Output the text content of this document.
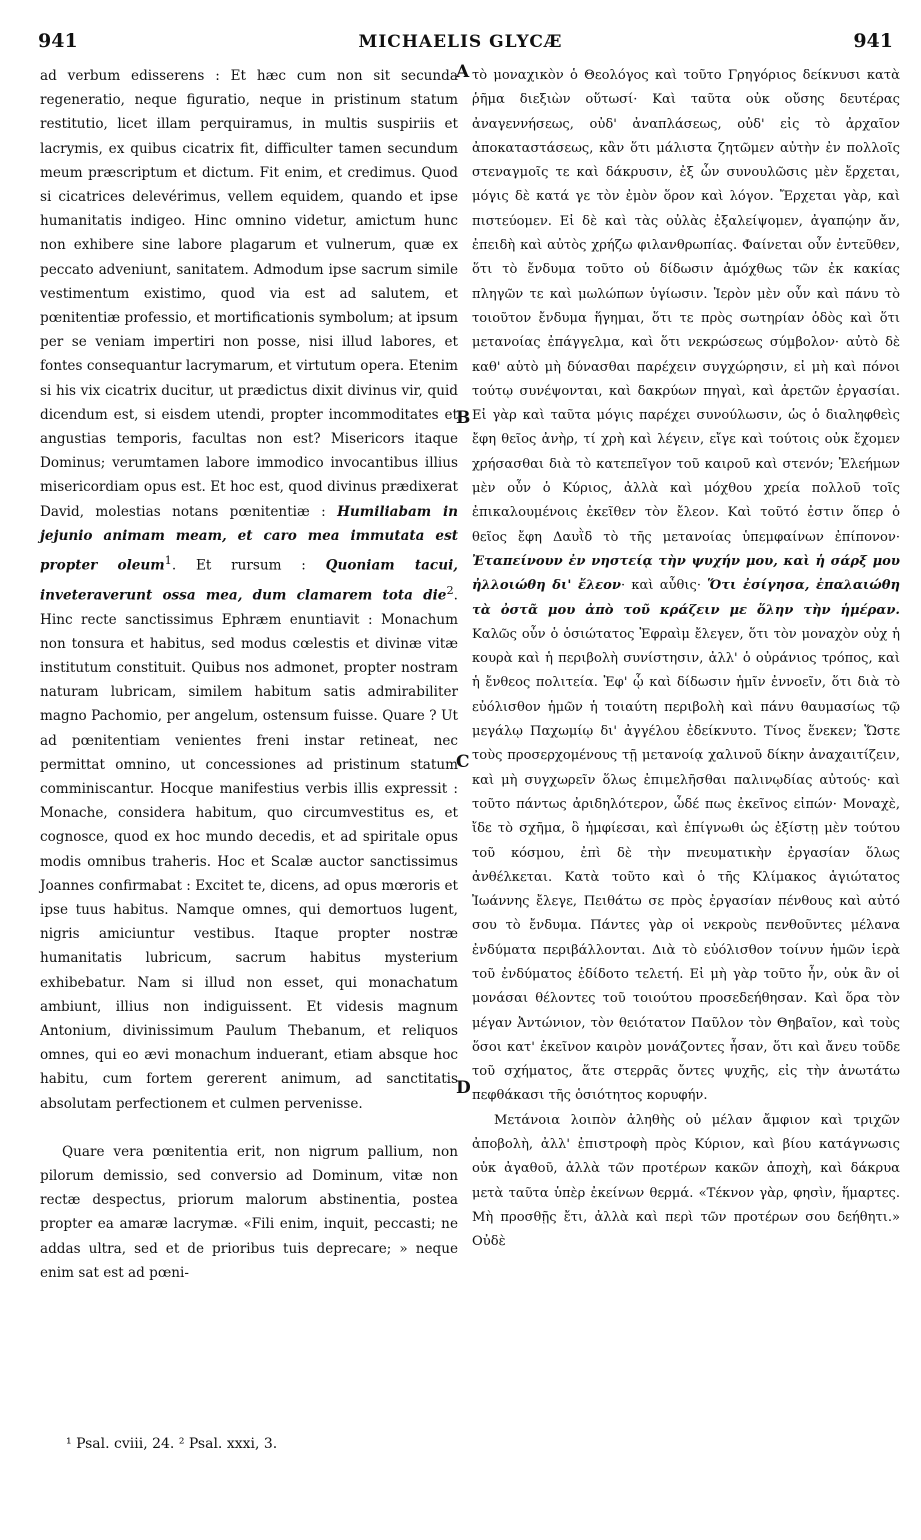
941	MICHAELIS GLYCÆ	941
A
B
C
D

ad verbum edisserens : Et hæc cum non sit secunda regeneratio, neque figuratio, neque in pristinum statum restitutio, licet illam perquiramus, in multis suspiriis et lacrymis, ex quibus cicatrix fit, difficulter tamen secundum meum præscriptum et dictum. Fit enim, et credimus. Quod si cicatrices delevérimus, vellem equidem, quando et ipse humanitatis indigeo. Hinc omnino videtur, amictum hunc non exhibere sine labore plagarum et vulnerum, quæ ex peccato adveniunt, sanitatem. Admodum ipse sacrum simile vestimentum existimo, quod via est ad salutem, et pœnitentiæ professio, et mortificationis symbolum; at ipsum per se veniam impertiri non posse, nisi illud labores, et fontes consequantur lacrymarum, et virtutum opera. Etenim si his vix cicatrix ducitur, ut prædictus dixit divinus vir, quid dicendum est, si eisdem utendi, propter incommoditates et angustias temporis, facultas non est? Misericors itaque Dominus; verumtamen labore immodico invocantibus illius misericordiam opus est. Et hoc est, quod divinus prædixerat David, molestias notans pœnitentiæ : Humiliabam in jejunio animam meam, et caro mea immutata est propter oleum$^1$. Et rursum : Quoniam tacui, inveteraverunt ossa mea, dum clamarem tota die$^2$. Hinc recte sanctissimus Ephræm enuntiavit : Monachum non tonsura et habitus, sed modus cœlestis et divinæ vitæ institutum constituit. Quibus nos admonet, propter nostram naturam lubricam, similem habitum satis admirabiliter magno Pachomio, per angelum, ostensum fuisse. Quare ? Ut ad pœnitentiam venientes freni instar retineat, nec permittat omnino, ut concessiones ad pristinum statum comminiscantur. Hocque manifestius verbis illis expressit : Monache, considera habitum, quo circumvestitus es, et cognosce, quod ex hoc mundo decedis, et ad spiritale opus modis omnibus traheris. Hoc et Scalæ auctor sanctissimus Joannes confirmabat : Excitet te, dicens, ad opus mœroris et ipse tuus habitus. Namque omnes, qui demortuos lugent, nigris amiciuntur vestibus. Itaque propter nostræ humanitatis lubricum, sacrum habitus mysterium exhibebatur. Nam si illud non esset, qui monachatum ambiunt, illius non indiguissent. Et videsis magnum Antonium, divinissimum Paulum Thebanum, et reliquos omnes, qui eo ævi monachum induerant, etiam absque hoc habitu, cum fortem gererent animum, ad sanctitatis absolutam perfectionem et culmen pervenisse.

Quare vera pœnitentia erit, non nigrum pallium, non pilorum demissio, sed conversio ad Dominum, vitæ non rectæ despectus, priorum malorum abstinentia, postea propter ea amaræ lacrymæ. «Fili enim, inquit, peccasti; ne addas ultra, sed et de prioribus tuis deprecare; » neque enim sat est ad pœni-

τὸ μοναχικὸν ὁ Θεολόγος καὶ τοῦτο Γρηγόριος δείκνυσι κατὰ ῥῆμα διεξιὼν οὕτωσί· Καὶ ταῦτα οὐκ οὔσης δευτέρας ἀναγεννήσεως, οὐδ' ἀναπλάσεως, οὐδ' εἰς τὸ ἀρχαῖον ἀποκαταστάσεως, κἂν ὅτι μάλιστα ζητῶμεν αὐτὴν ἐν πολλοῖς στεναγμοῖς τε καὶ δάκρυσιν, ἐξ ὧν συνουλῶσις μὲν ἔρχεται, μόγις δὲ κατά γε τὸν ἐμὸν ὅρον καὶ λόγον. Ἔρχεται γὰρ, καὶ πιστεύομεν. Εἰ δὲ καὶ τὰς οὐλὰς ἐξαλείψομεν, ἀγαπῴην ἄν, ἐπειδὴ καὶ αὐτὸς χρήζω φιλανθρωπίας. Φαίνεται οὖν ἐντεῦθεν, ὅτι τὸ ἔνδυμα τοῦτο οὐ δίδωσιν ἀμόχθως τῶν ἐκ κακίας πληγῶν τε καὶ μωλώπων ὑγίωσιν. Ἱερὸν μὲν οὖν καὶ πάνυ τὸ τοιοῦτον ἔνδυμα ἥγημαι, ὅτι τε πρὸς σωτηρίαν ὁδὸς καὶ ὅτι μετανοίας ἐπάγγελμα, καὶ ὅτι νεκρώσεως σύμβολον· αὐτὸ δὲ καθ' αὑτὸ μὴ δύνασθαι παρέχειν συγχώρησιν, εἰ μὴ καὶ πόνοι τούτῳ συνέψονται, καὶ δακρύων πηγαὶ, καὶ ἀρετῶν ἐργασίαι. Εἰ γὰρ καὶ ταῦτα μόγις παρέχει συνούλωσιν, ὡς ὁ διαληφθεὶς ἔφη θεῖος ἀνὴρ, τί χρὴ καὶ λέγειν, εἴγε καὶ τούτοις οὐκ ἔχομεν χρήσασθαι διὰ τὸ κατεπεῖγον τοῦ καιροῦ καὶ στενόν; Ἐλεήμων μὲν οὖν ὁ Κύριος, ἀλλὰ καὶ μόχθου χρεία πολλοῦ τοῖς ἐπικαλουμένοις ἐκεῖθεν τὸν ἔλεον. Καὶ τοῦτό ἐστιν ὅπερ ὁ θεῖος ἔφη Δαυῒδ τὸ τῆς μετανοίας ὑπεμφαίνων ἐπίπονον· Ἐταπείνουν ἐν νηστείᾳ τὴν ψυχήν μου, καὶ ἡ σάρξ μου ἠλλοιώθη δι' ἔλεον· καὶ αὖθις· Ὅτι ἐσίγησα, ἐπαλαιώθη τὰ ὀστᾶ μου ἀπὸ τοῦ κράζειν με ὅλην τὴν ἡμέραν. Καλῶς οὖν ὁ ὁσιώτατος Ἐφραὶμ ἔλεγεν, ὅτι τὸν μοναχὸν οὐχ ἡ κουρὰ καὶ ἡ περιβολὴ συνίστησιν, ἀλλ' ὁ οὐράνιος τρόπος, καὶ ἡ ἔνθεος πολιτεία. Ἐφ' ᾧ καὶ δίδωσιν ἡμῖν ἐννοεῖν, ὅτι διὰ τὸ εὐόλισθον ἡμῶν ἡ τοιαύτη περιβολὴ καὶ πάνυ θαυμασίως τῷ μεγάλῳ Παχωμίῳ δι' ἀγγέλου ἐδείκνυτο. Τίνος ἕνεκεν; Ὥστε τοὺς προσερχομένους τῇ μετανοίᾳ χαλινοῦ δίκην ἀναχαιτίζειν, καὶ μὴ συγχωρεῖν ὅλως ἐπιμελῆσθαι παλινῳδίας αὐτούς· καὶ τοῦτο πάντως ἀριδηλότερον, ὧδέ πως ἐκεῖνος εἰπών· Μοναχὲ, ἴδε τὸ σχῆμα, ὃ ἠμφίεσαι, καὶ ἐπίγνωθι ὡς ἐξίστῃ μὲν τούτου τοῦ κόσμου, ἐπὶ δὲ τὴν πνευματικὴν ἐργασίαν ὅλως ἀνθέλκεται. Κατὰ τοῦτο καὶ ὁ τῆς Κλίμακος ἁγιώτατος Ἰωάννης ἔλεγε, Πειθάτω σε πρὸς ἐργασίαν πένθους καὶ αὐτό σου τὸ ἔνδυμα. Πάντες γὰρ οἱ νεκροὺς πενθοῦντες μέλανα ἐνδύματα περιβάλλονται. Διὰ τὸ εὐόλισθον τοίνυν ἡμῶν ἱερὰ τοῦ ἐνδύματος ἐδίδοτο τελετή. Εἰ μὴ γὰρ τοῦτο ἦν, οὐκ ἂν οἱ μονάσαι θέλοντες τοῦ τοιούτου προσεδεήθησαν. Καὶ ὅρα τὸν μέγαν Ἀντώνιον, τὸν θειότατον Παῦλον τὸν Θηβαῖον, καὶ τοὺς ὅσοι κατ' ἐκεῖνον καιρὸν μονάζοντες ἦσαν, ὅτι καὶ ἄνευ τοῦδε τοῦ σχήματος, ἅτε στερρᾶς ὄντες ψυχῆς, εἰς τὴν ἀνωτάτω πεφθάκασι τῆς ὁσιότητος κορυφήν.

Μετάνοια λοιπὸν ἀληθὴς οὐ μέλαν ἄμφιον καὶ τριχῶν ἀποβολὴ, ἀλλ' ἐπιστροφὴ πρὸς Κύριον, καὶ βίου κατάγνωσις οὐκ ἀγαθοῦ, ἀλλὰ τῶν προτέρων κακῶν ἀποχὴ, καὶ δάκρυα μετὰ ταῦτα ὑπὲρ ἐκείνων θερμά. «Τέκνον γὰρ, φησὶν, ἥμαρτες. Μὴ προσθῇς ἔτι, ἀλλὰ καὶ περὶ τῶν προτέρων σου δεήθητι.» Οὐδὲ

¹ Psal. cviii, 24. ² Psal. xxxi, 3.
